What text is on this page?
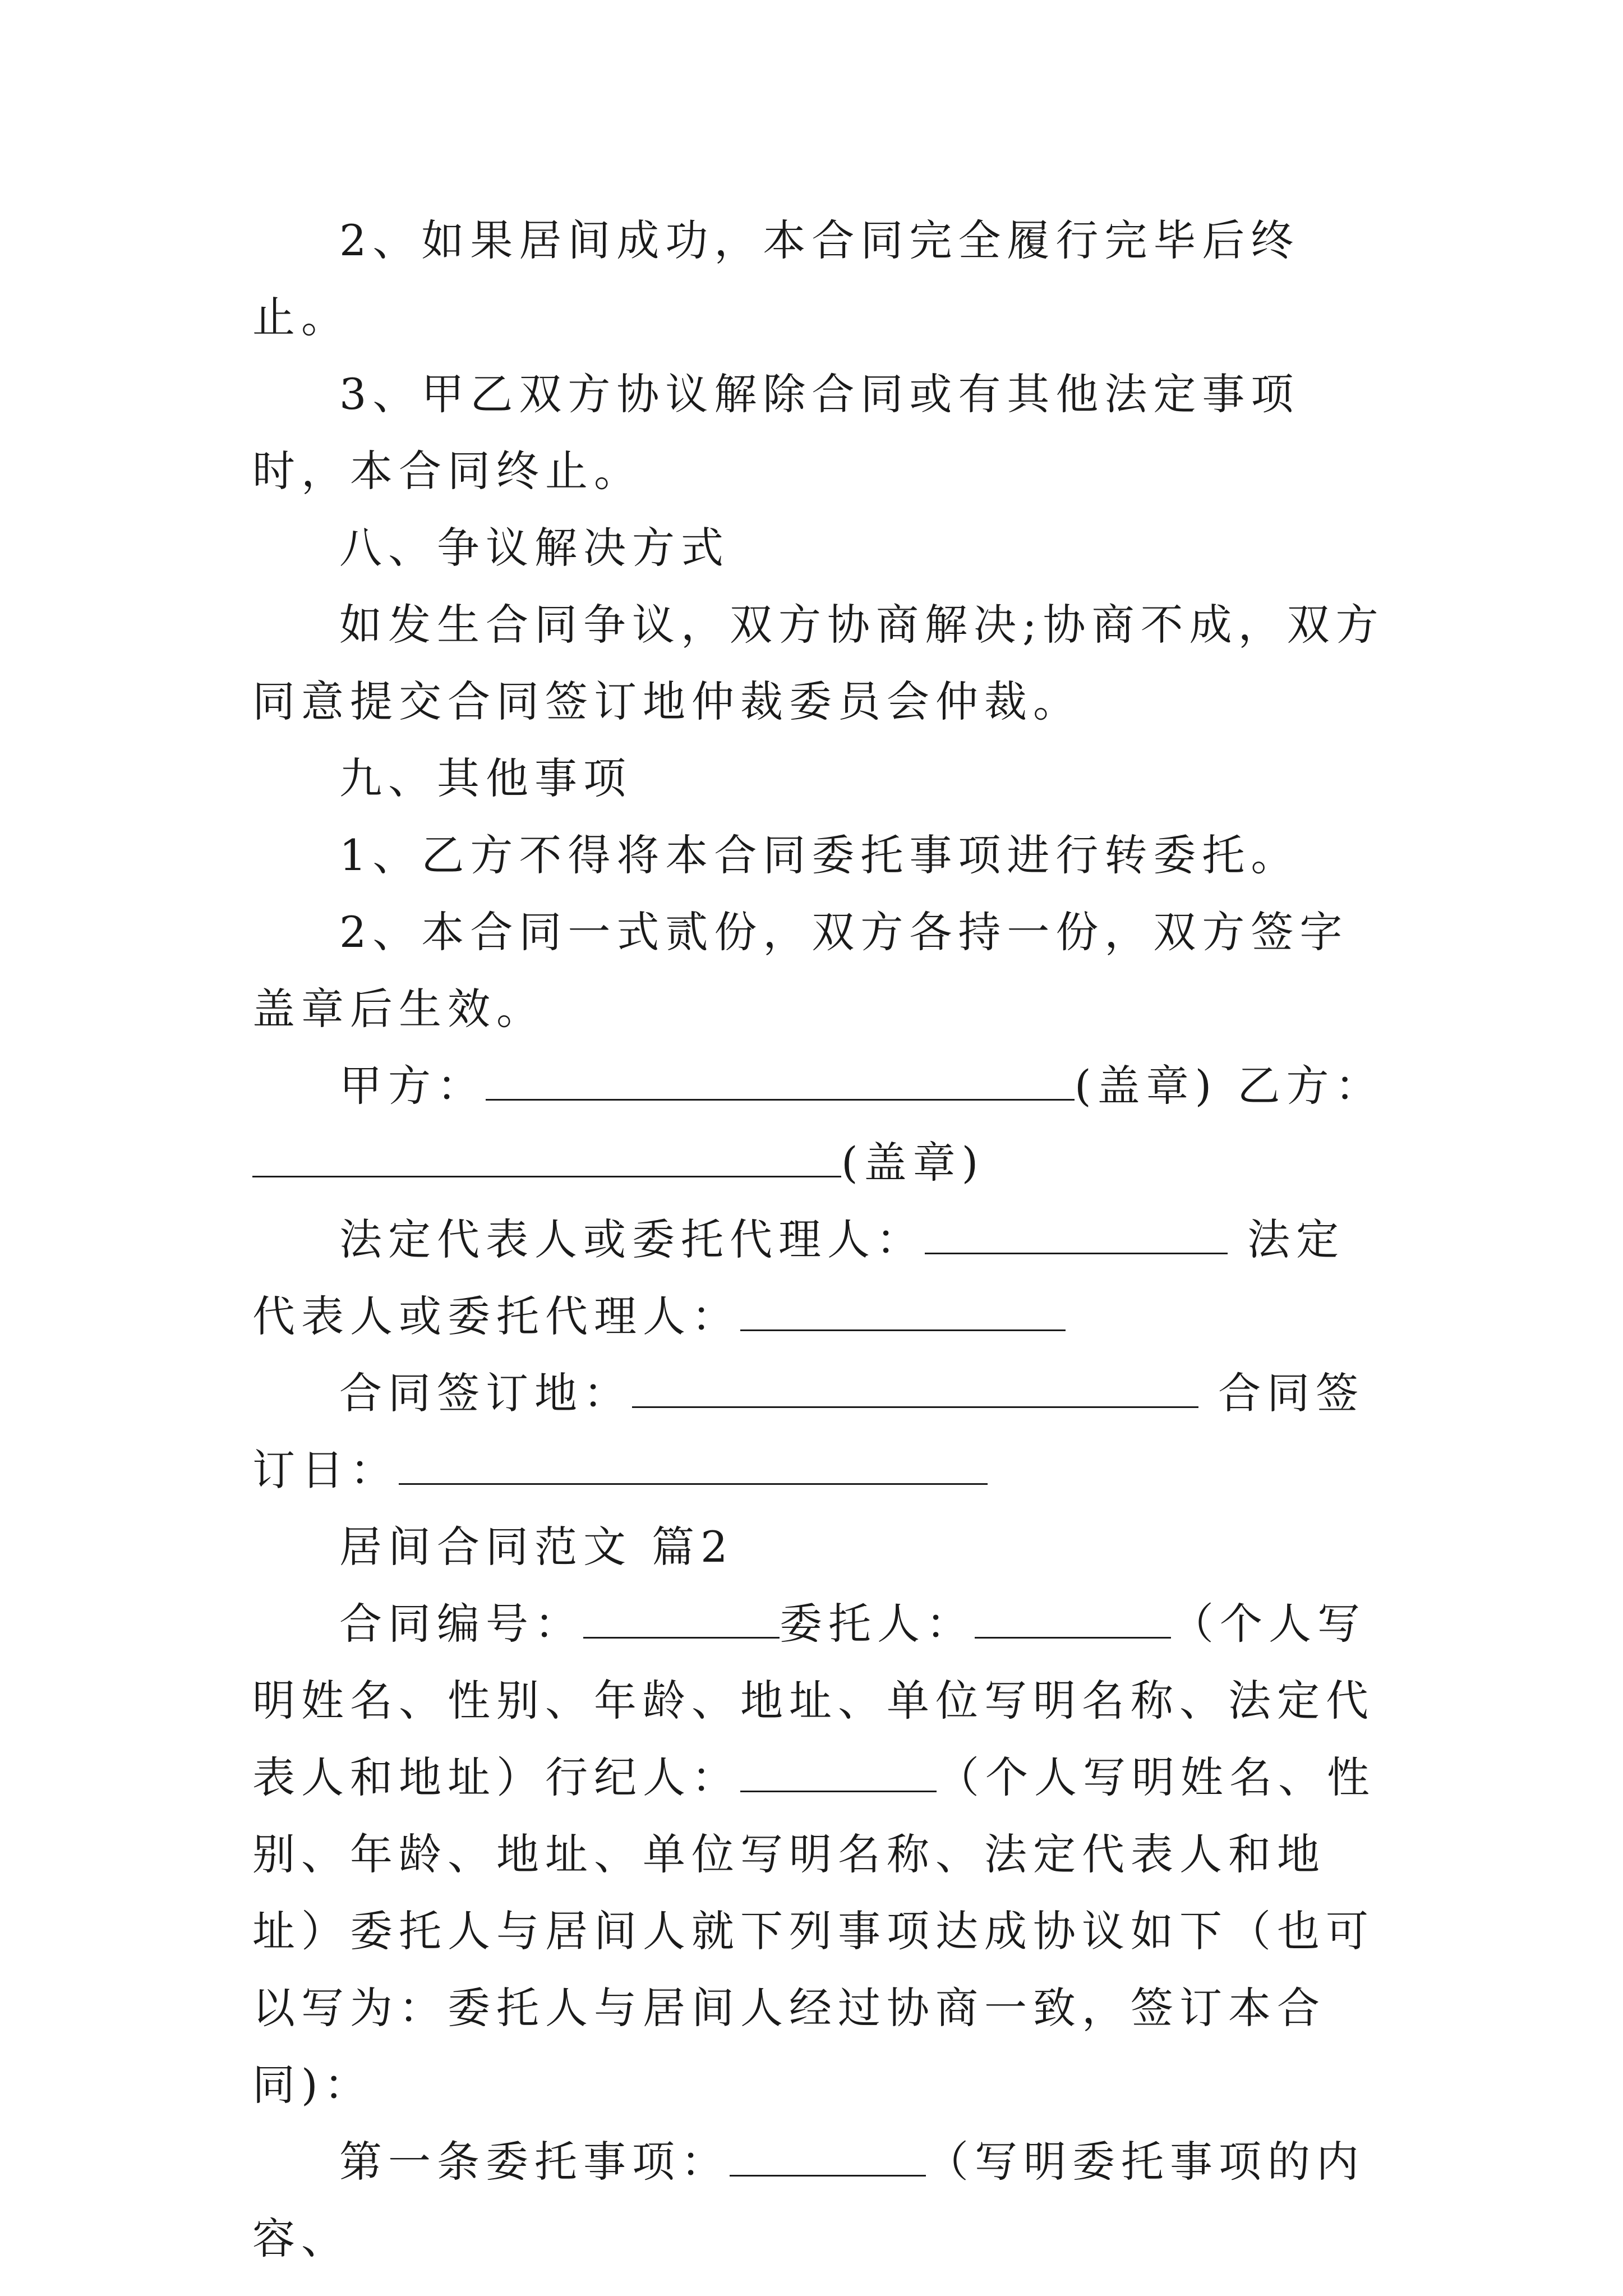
2、如果居间成功，本合同完全履行完毕后终止。

3、甲乙双方协议解除合同或有其他法定事项时，本合同终止。

八、争议解决方式

如发生合同争议，双方协商解决;协商不成，双方同意提交合同签订地仲裁委员会仲裁。

九、其他事项

1、乙方不得将本合同委托事项进行转委托。

2、本合同一式贰份，双方各持一份，双方签字盖章后生效。

甲方：	(盖章) 乙方：(盖章)

法定代表人或委托代理人：	法定代表人或委托代理人：

合同签订地：	合同签订日：

居间合同范文 篇2

合同编号：	委托人：	（个人写明姓名、性别、年龄、地址、单位写明名称、法定代表人和地址）行纪人：	（个人写明姓名、性别、年龄、地址、单位写明名称、法定代表人和地址）委托人与居间人就下列事项达成协议如下（也可以写为：委托人与居间人经过协商一致，签订本合同)：

第一条委托事项：	（写明委托事项的内容、
